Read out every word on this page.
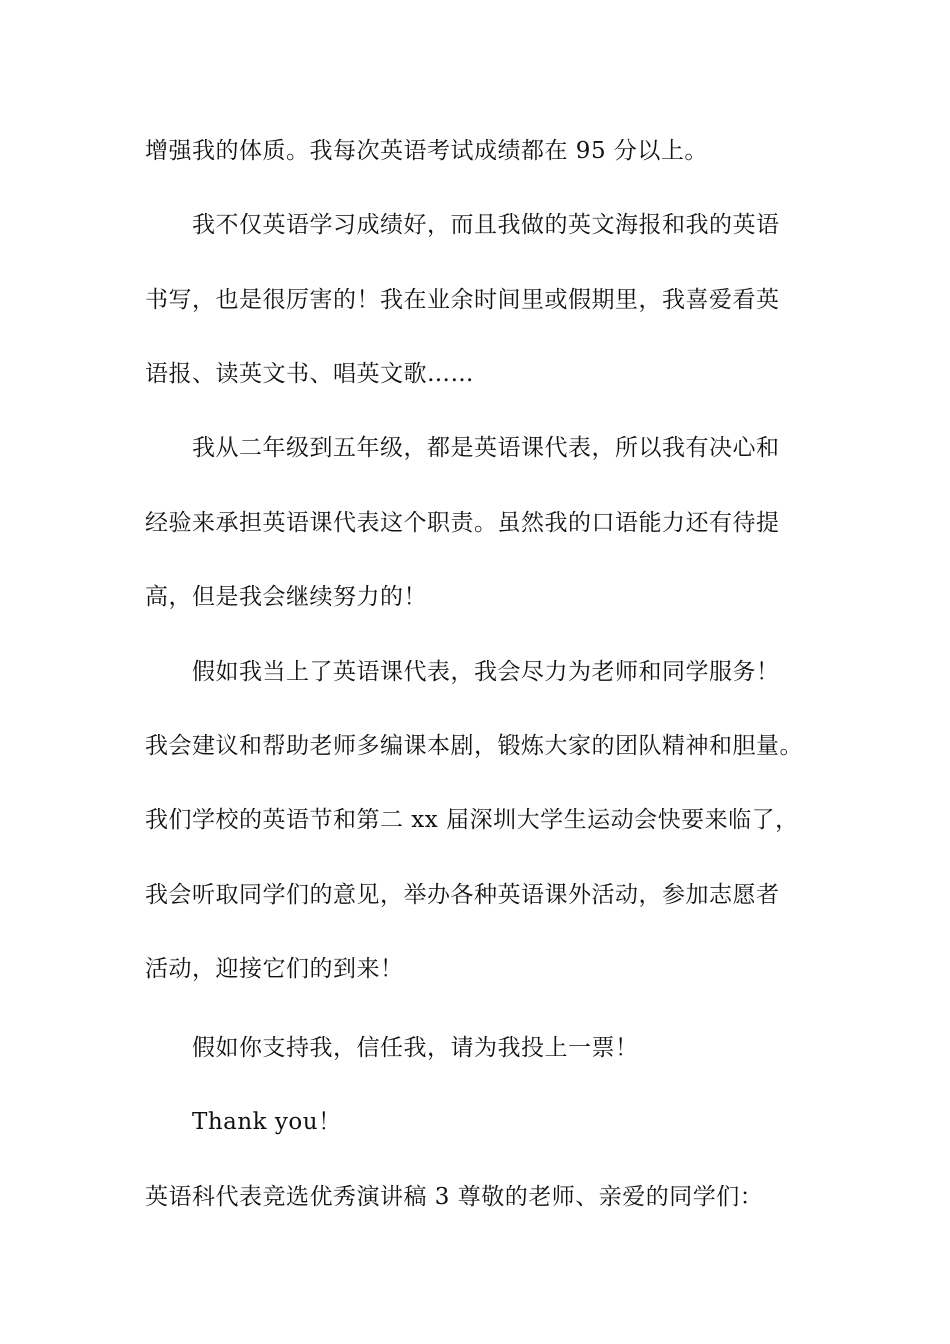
增强我的体质。我每次英语考试成绩都在 95 分以上。
我不仅英语学习成绩好，而且我做的英文海报和我的英语
书写，也是很厉害的！我在业余时间里或假期里，我喜爱看英
语报、读英文书、唱英文歌……
我从二年级到五年级，都是英语课代表，所以我有决心和
经验来承担英语课代表这个职责。虽然我的口语能力还有待提
高，但是我会继续努力的！
假如我当上了英语课代表，我会尽力为老师和同学服务！
我会建议和帮助老师多编课本剧，锻炼大家的团队精神和胆量。
我们学校的英语节和第二 xx 届深圳大学生运动会快要来临了，
我会听取同学们的意见，举办各种英语课外活动，参加志愿者
活动，迎接它们的到来！
假如你支持我，信任我，请为我投上一票！
Thank you！
英语科代表竞选优秀演讲稿 3 尊敬的老师、亲爱的同学们：
